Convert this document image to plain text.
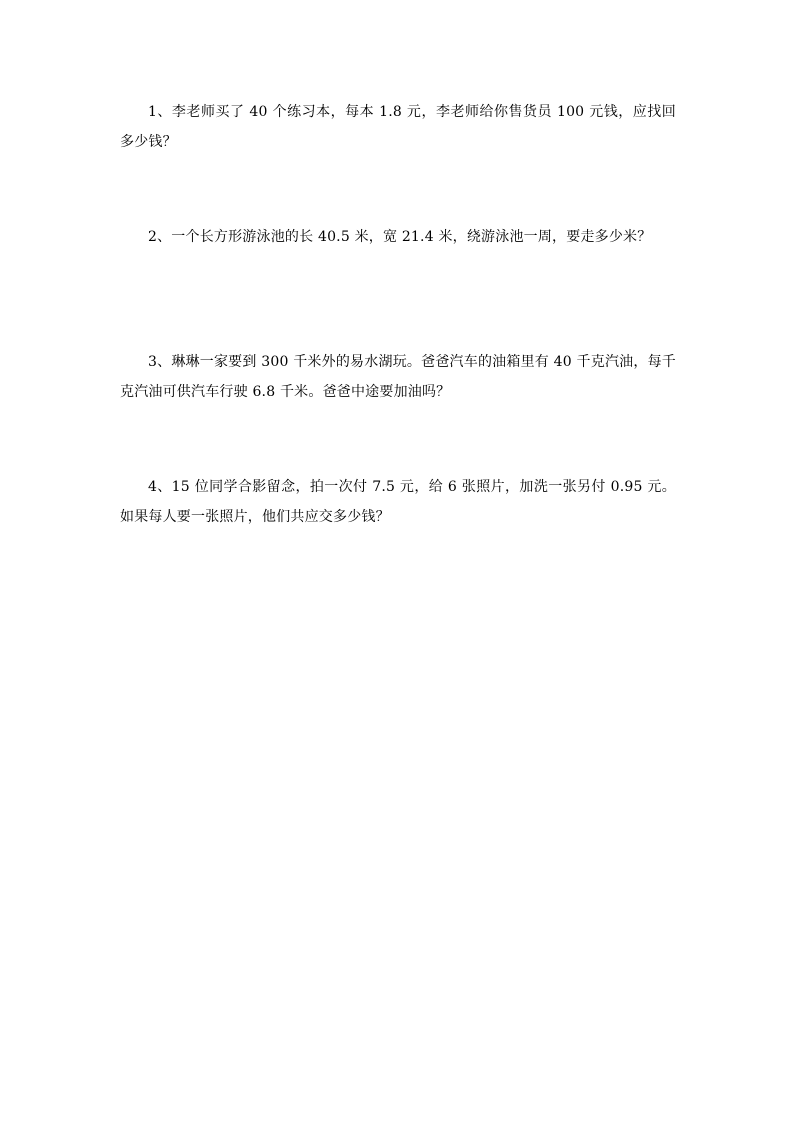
1、李老师买了 40 个练习本，每本 1.8 元，李老师给你售货员 100 元钱，应找回多少钱？

2、一个长方形游泳池的长 40.5 米，宽 21.4 米，绕游泳池一周，要走多少米？

3、琳琳一家要到 300 千米外的易水湖玩。爸爸汽车的油箱里有 40 千克汽油，每千克汽油可供汽车行驶 6.8 千米。爸爸中途要加油吗？

4、15 位同学合影留念，拍一次付 7.5 元，给 6 张照片，加洗一张另付 0.95 元。如果每人要一张照片，他们共应交多少钱？
